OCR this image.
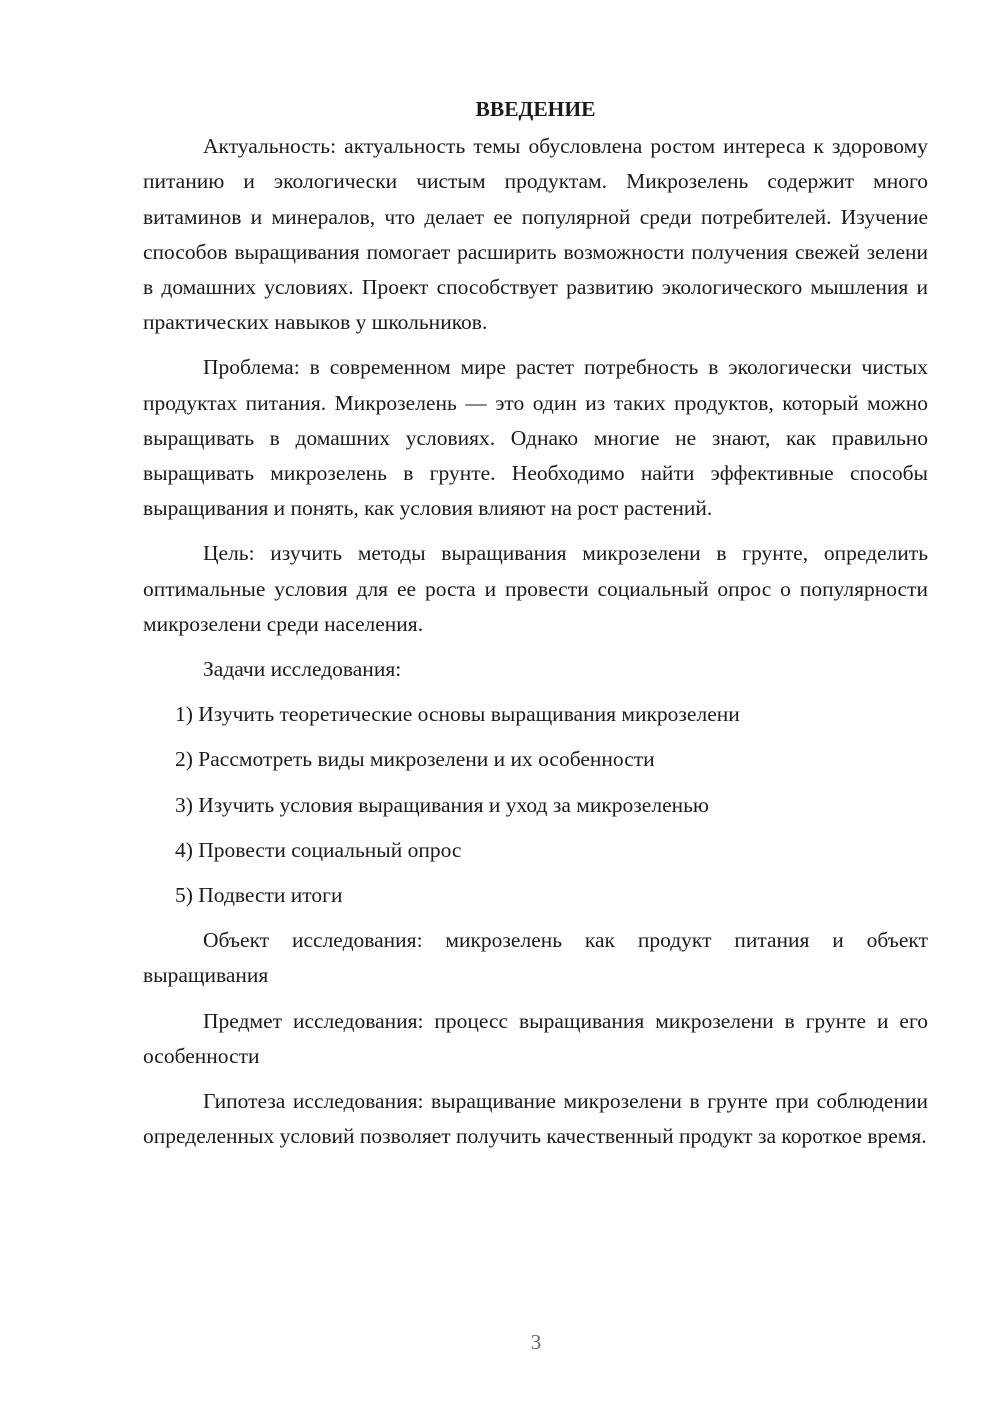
ВВЕДЕНИЕ

Актуальность: актуальность темы обусловлена ростом интереса к здоровому питанию и экологически чистым продуктам. Микрозелень содержит много витаминов и минералов, что делает ее популярной среди потребителей. Изучение способов выращивания помогает расширить возможности получения свежей зелени в домашних условиях. Проект способствует развитию экологического мышления и практических навыков у школьников.

Проблема: в современном мире растет потребность в экологически чистых продуктах питания. Микрозелень — это один из таких продуктов, который можно выращивать в домашних условиях. Однако многие не знают, как правильно выращивать микрозелень в грунте. Необходимо найти эффективные способы выращивания и понять, как условия влияют на рост растений.

Цель: изучить методы выращивания микрозелени в грунте, определить оптимальные условия для ее роста и провести социальный опрос о популярности микрозелени среди населения.

Задачи исследования:

1) Изучить теоретические основы выращивания микрозелени
2) Рассмотреть виды микрозелени и их особенности
3) Изучить условия выращивания и уход за микрозеленью
4) Провести социальный опрос
5) Подвести итоги

Объект исследования: микрозелень как продукт питания и объект выращивания

Предмет исследования: процесс выращивания микрозелени в грунте и его особенности

Гипотеза исследования: выращивание микрозелени в грунте при соблюдении определенных условий позволяет получить качественный продукт за короткое время.

3
